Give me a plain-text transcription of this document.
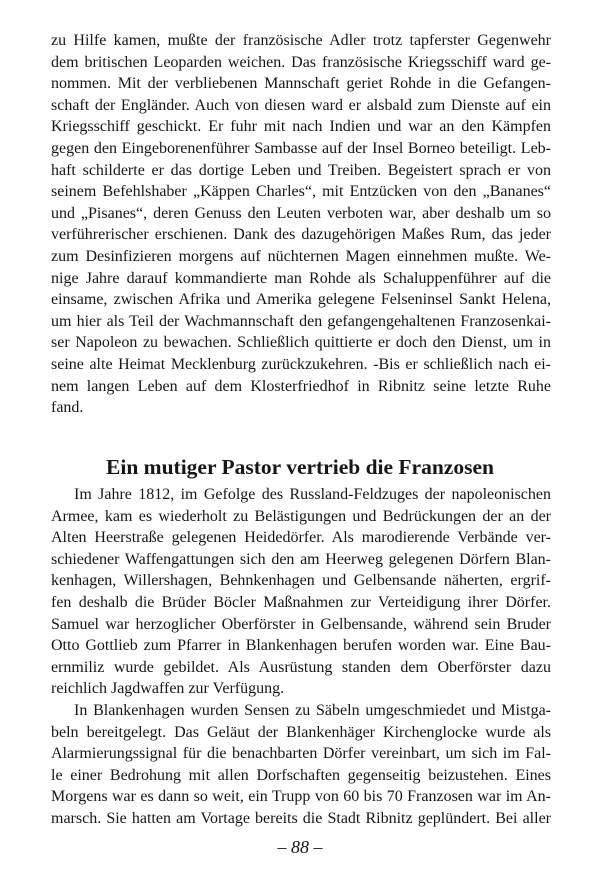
zu Hilfe kamen, mußte der französische Adler trotz tapferster Gegenwehr
dem britischen Leoparden weichen. Das französische Kriegsschiff ward ge-
nommen. Mit der verbliebenen Mannschaft geriet Rohde in die Gefangen-
schaft der Engländer. Auch von diesen ward er alsbald zum Dienste auf ein
Kriegsschiff geschickt. Er fuhr mit nach Indien und war an den Kämpfen
gegen den Eingeborenenführer Sambasse auf der Insel Borneo beteiligt. Leb-
haft schilderte er das dortige Leben und Treiben. Begeistert sprach er von
seinem Befehlshaber „Käppen Charles“, mit Entzücken von den „Bananes“
und „Pisanes“, deren Genuss den Leuten verboten war, aber deshalb um so
verführerischer erschienen. Dank des dazugehörigen Maßes Rum, das jeder
zum Desinfizieren morgens auf nüchternen Magen einnehmen mußte. We-
nige Jahre darauf kommandierte man Rohde als Schaluppenführer auf die
einsame, zwischen Afrika und Amerika gelegene Felseninsel Sankt Helena,
um hier als Teil der Wachmannschaft den gefangengehaltenen Franzosenkai-
ser Napoleon zu bewachen. Schließlich quittierte er doch den Dienst, um in
seine alte Heimat Mecklenburg zurückzukehren. -Bis er schließlich nach ei-
nem langen Leben auf dem Klosterfriedhof in Ribnitz seine letzte Ruhe
fand.
Ein mutiger Pastor vertrieb die Franzosen
Im Jahre 1812, im Gefolge des Russland-Feldzuges der napoleonischen
Armee, kam es wiederholt zu Belästigungen und Bedrückungen der an der
Alten Heerstraße gelegenen Heidedörfer. Als marodierende Verbände ver-
schiedener Waffengattungen sich den am Heerweg gelegenen Dörfern Blan-
kenhagen, Willershagen, Behnkenhagen und Gelbensande näherten, ergrif-
fen deshalb die Brüder Böcler Maßnahmen zur Verteidigung ihrer Dörfer.
Samuel war herzoglicher Oberförster in Gelbensande, während sein Bruder
Otto Gottlieb zum Pfarrer in Blankenhagen berufen worden war. Eine Bau-
ernmiliz wurde gebildet. Als Ausrüstung standen dem Oberförster dazu
reichlich Jagdwaffen zur Verfügung.
In Blankenhagen wurden Sensen zu Säbeln umgeschmiedet und Mistga-
beln bereitgelegt. Das Geläut der Blankenhäger Kirchenglocke wurde als
Alarmierungssignal für die benachbarten Dörfer vereinbart, um sich im Fal-
le einer Bedrohung mit allen Dorfschaften gegenseitig beizustehen. Eines
Morgens war es dann so weit, ein Trupp von 60 bis 70 Franzosen war im An-
marsch. Sie hatten am Vortage bereits die Stadt Ribnitz geplündert. Bei aller
– 88 –
